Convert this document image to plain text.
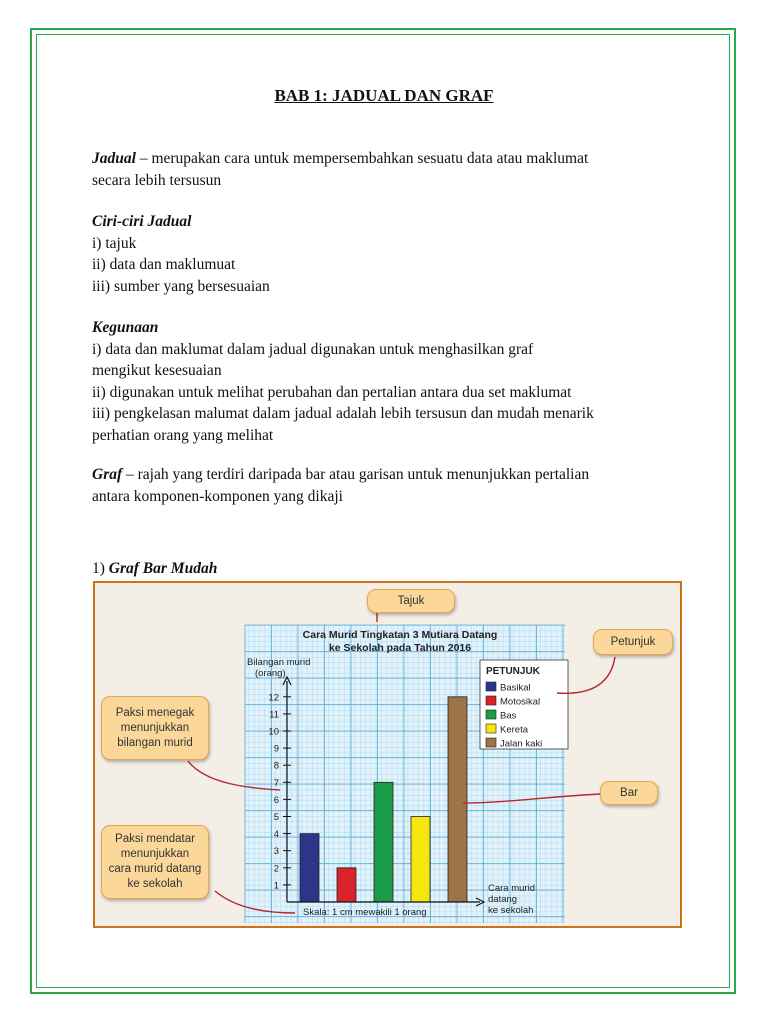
BAB 1: JADUAL DAN GRAF

Jadual – merupakan cara untuk mempersembahkan sesuatu data atau maklumat
secara lebih tersusun

Ciri-ciri Jadual
i) tajuk
ii) data dan maklumuat
iii) sumber yang bersesuaian

Kegunaan
i) data dan maklumat dalam jadual digunakan untuk menghasilkan graf
mengikut kesesuaian
ii) digunakan untuk melihat perubahan dan pertalian antara dua set maklumat
iii) pengkelasan malumat dalam jadual adalah lebih tersusun dan mudah menarik
perhatian orang yang melihat

Graf – rajah yang terdiri daripada bar atau garisan untuk menunjukkan pertalian
antara komponen-komponen yang dikaji

1) Graf Bar Mudah

Cara Murid Tingkatan 3 Mutiara Datang
ke Sekolah pada Tahun 2016
Bilangan murid
(orang)
1
2
3
4
5
6
7
8
9
10
11
12
Cara murid
datang
ke sekolah
Skala: 1 cm mewakili 1 orang
PETUNJUK
Basikal
Motosikal
Bas
Kereta
Jalan kaki
Tajuk
Petunjuk
Bar
Paksi menegak
menunjukkan
bilangan murid
Paksi mendatar
menunjukkan
cara murid datang
ke sekolah
